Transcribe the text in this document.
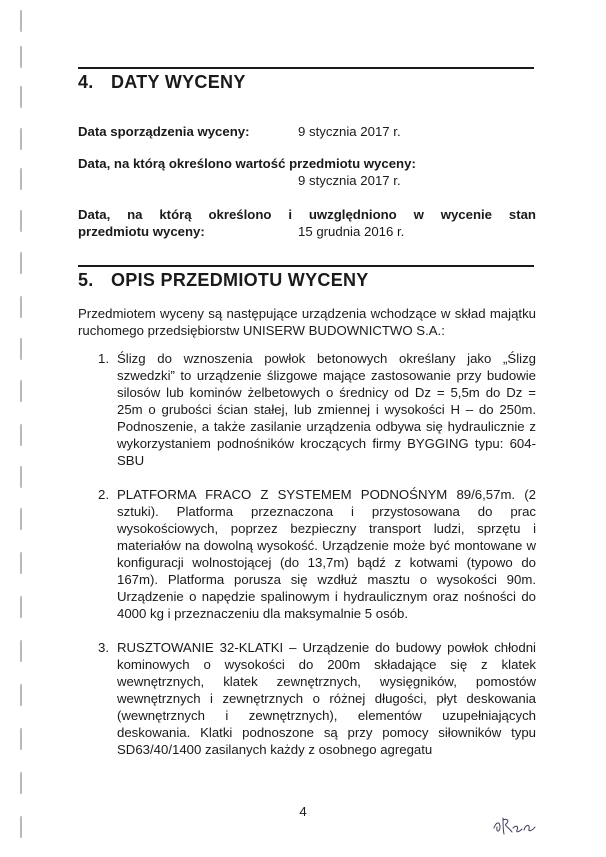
4. DATY WYCENY
Data sporządzenia wyceny:	9 stycznia 2017 r.
Data, na którą określono wartość przedmiotu wyceny:
9 stycznia 2017 r.
Data, na którą określono i uwzględniono w wycenie stan
przedmiotu wyceny:	15 grudnia 2016 r.
5. OPIS PRZEDMIOTU WYCENY
Przedmiotem wyceny są następujące urządzenia wchodzące w skład majątku ruchomego przedsiębiorstw UNISERW BUDOWNICTWO S.A.:
1. Ślizg do wznoszenia powłok betonowych określany jako „Ślizg szwedzki” to urządzenie ślizgowe mające zastosowanie przy budowie silosów lub kominów żelbetowych o średnicy od Dz = 5,5m do Dz = 25m o grubości ścian stałej, lub zmiennej i wysokości H – do 250m. Podnoszenie, a także zasilanie urządzenia odbywa się hydraulicznie z wykorzystaniem podnośników kroczących firmy BYGGING typu: 604-SBU
2. PLATFORMA FRACO Z SYSTEMEM PODNOŚNYM 89/6,57m. (2 sztuki). Platforma przeznaczona i przystosowana do prac wysokościowych, poprzez bezpieczny transport ludzi, sprzętu i materiałów na dowolną wysokość. Urządzenie może być montowane w konfiguracji wolnostojącej (do 13,7m) bądź z kotwami (typowo do 167m). Platforma porusza się wzdłuż masztu o wysokości 90m. Urządzenie o napędzie spalinowym i hydraulicznym oraz nośności do 4000 kg i przeznaczeniu dla maksymalnie 5 osób.
3. RUSZTOWANIE 32-KLATKI – Urządzenie do budowy powłok chłodni kominowych o wysokości do 200m składające się z klatek wewnętrznych, klatek zewnętrznych, wysięgników, pomostów wewnętrznych i zewnętrznych o różnej długości, płyt deskowania (wewnętrznych i zewnętrznych), elementów uzupełniających deskowania. Klatki podnoszone są przy pomocy siłowników typu SD63/40/1400 zasilanych każdy z osobnego agregatu
4
